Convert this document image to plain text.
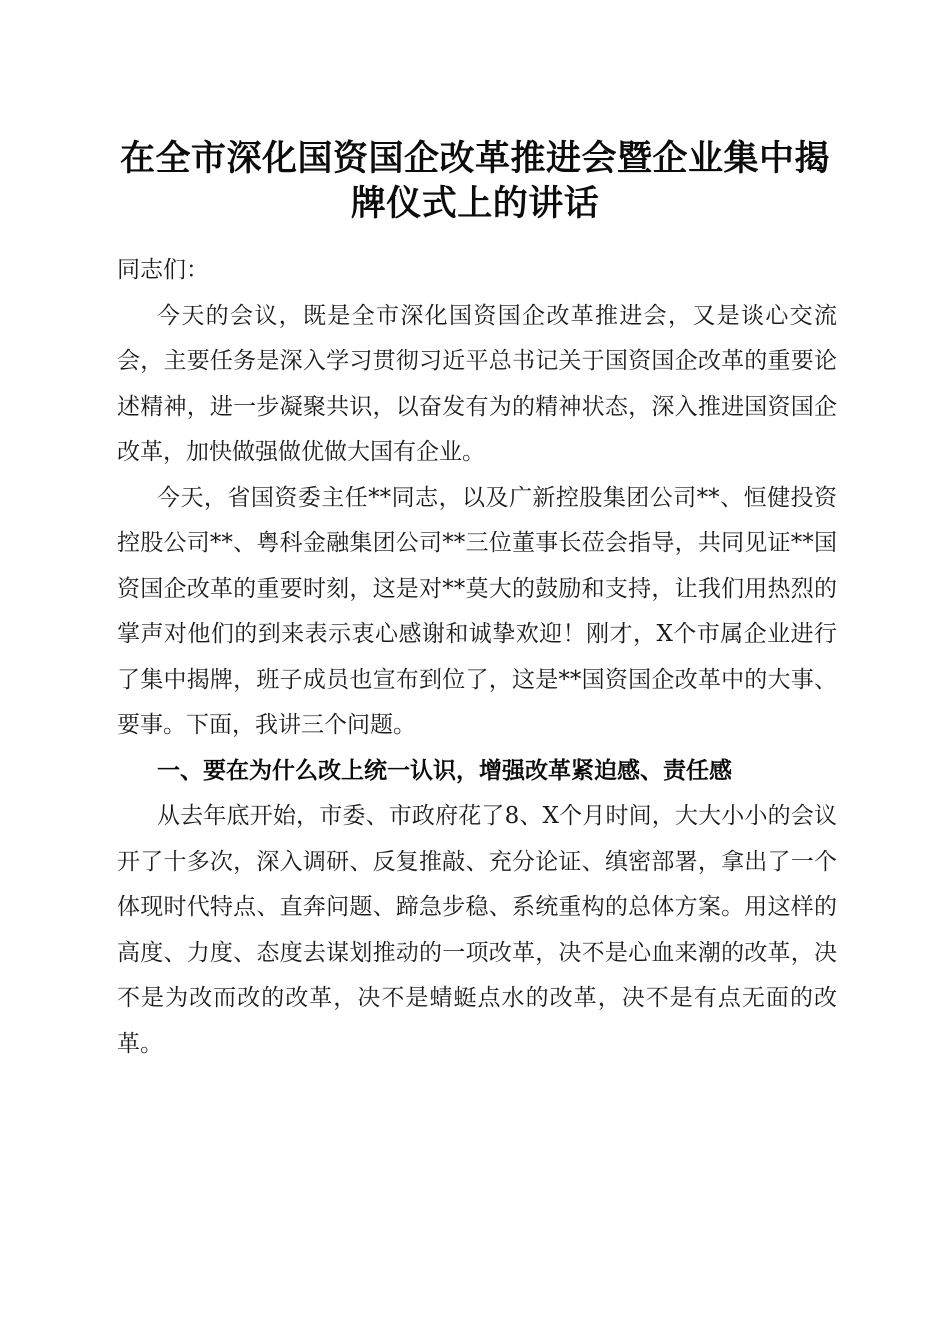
在全市深化国资国企改革推进会暨企业集中揭
牌仪式上的讲话

同志们：

今天的会议，既是全市深化国资国企改革推进会，又是谈心交流会，主要任务是深入学习贯彻习近平总书记关于国资国企改革的重要论述精神，进一步凝聚共识，以奋发有为的精神状态，深入推进国资国企改革，加快做强做优做大国有企业。

今天，省国资委主任**同志，以及广新控股集团公司**、恒健投资控股公司**、粤科金融集团公司**三位董事长莅会指导，共同见证**国资国企改革的重要时刻，这是对**莫大的鼓励和支持，让我们用热烈的掌声对他们的到来表示衷心感谢和诚挚欢迎！刚才，X个市属企业进行了集中揭牌，班子成员也宣布到位了，这是**国资国企改革中的大事、要事。下面，我讲三个问题。

一、要在为什么改上统一认识，增强改革紧迫感、责任感

从去年底开始，市委、市政府花了8、X个月时间，大大小小的会议开了十多次，深入调研、反复推敲、充分论证、缜密部署，拿出了一个体现时代特点、直奔问题、蹄急步稳、系统重构的总体方案。用这样的高度、力度、态度去谋划推动的一项改革，决不是心血来潮的改革，决不是为改而改的改革，决不是蜻蜓点水的改革，决不是有点无面的改革。
